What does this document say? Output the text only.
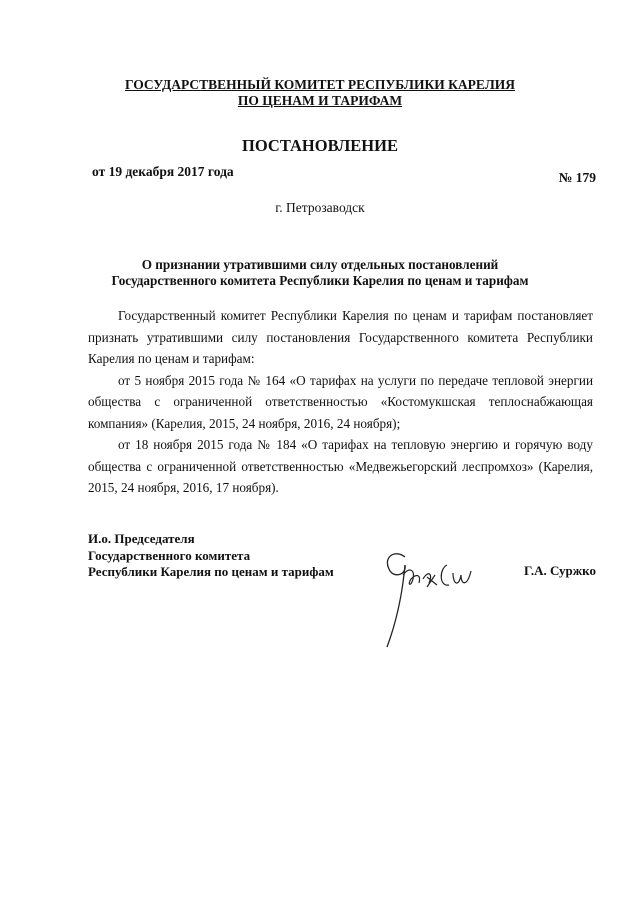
ГОСУДАРСТВЕННЫЙ КОМИТЕТ РЕСПУБЛИКИ КАРЕЛИЯ
ПО ЦЕНАМ И ТАРИФАМ
ПОСТАНОВЛЕНИЕ
от 19 декабря 2017 года	№ 179
г. Петрозаводск
О признании утратившими силу отдельных постановлений
Государственного комитета Республики Карелия по ценам и тарифам
Государственный комитет Республики Карелия по ценам и тарифам постановляет признать утратившими силу постановления Государственного комитета Республики Карелия по ценам и тарифам:
от 5 ноября 2015 года № 164 «О тарифах на услуги по передаче тепловой энергии общества с ограниченной ответственностью «Костомукшская теплоснабжающая компания» (Карелия, 2015, 24 ноября, 2016, 24 ноября);
от 18 ноября 2015 года № 184 «О тарифах на тепловую энергию и горячую воду общества с ограниченной ответственностью «Медвежьегорский леспромхоз» (Карелия, 2015, 24 ноября, 2016, 17 ноября).
И.о. Председателя
Государственного комитета
Республики Карелия по ценам и тарифам	Г.А. Суржко
